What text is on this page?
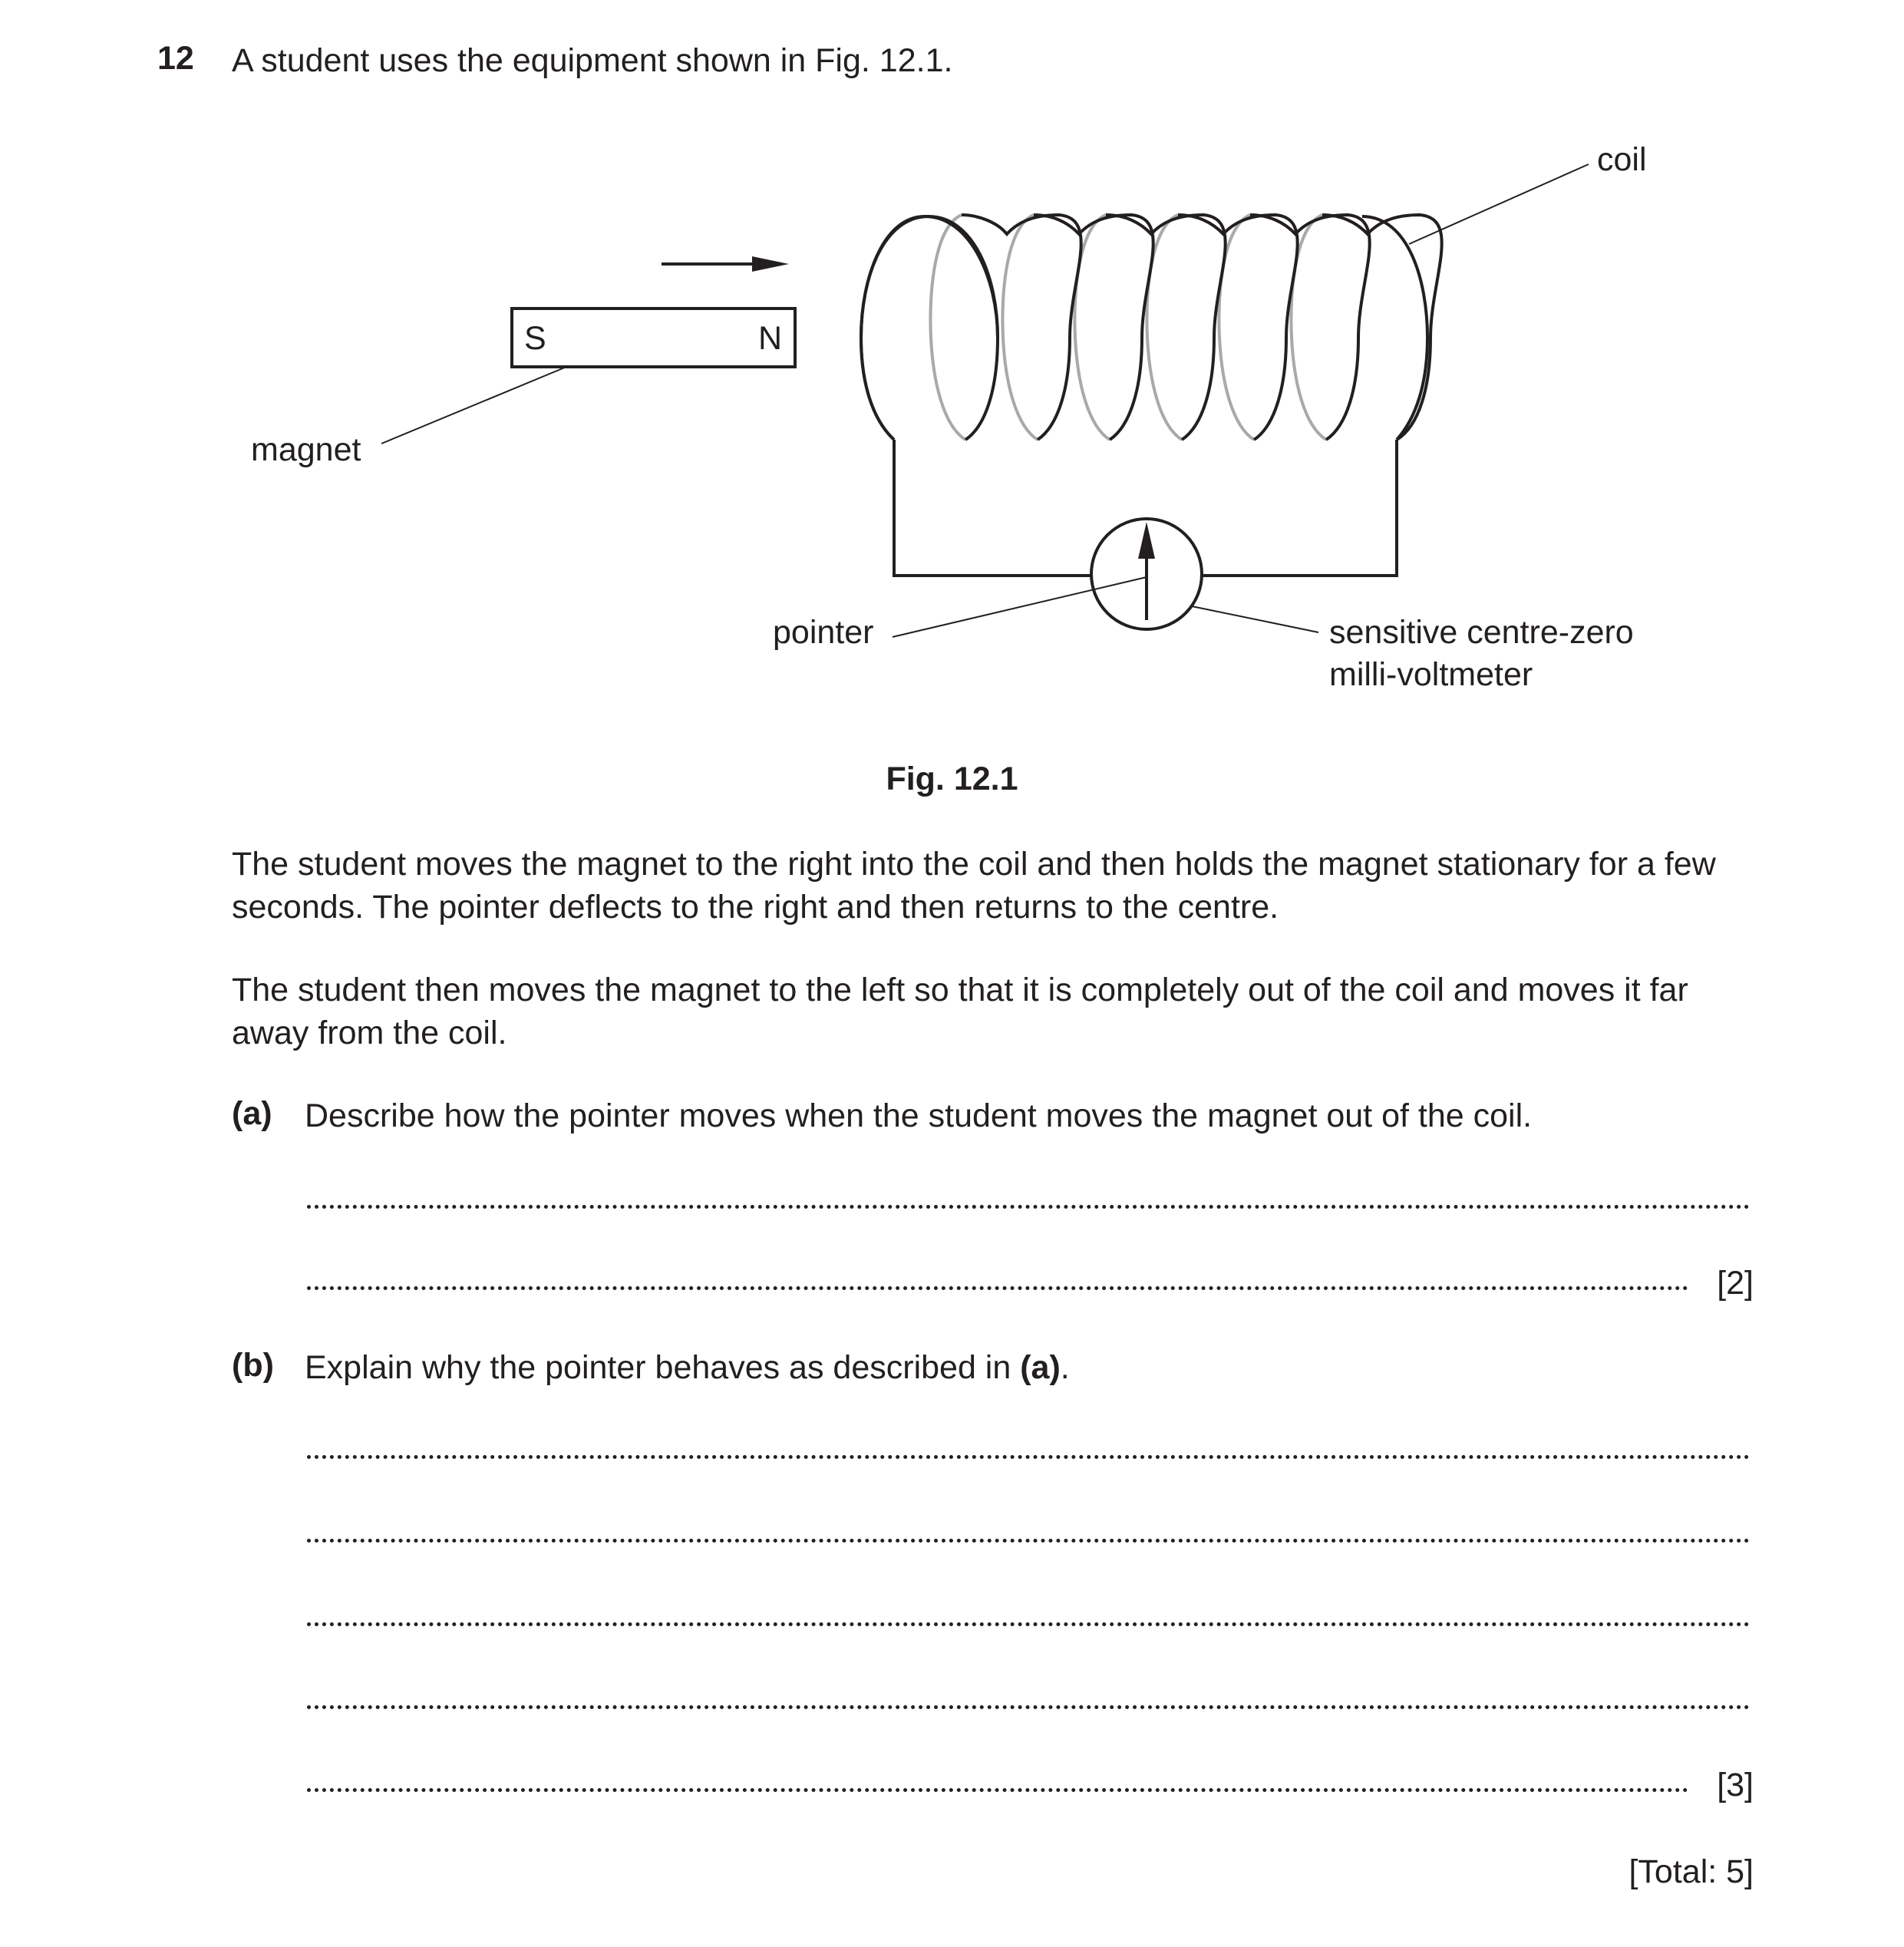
12 A student uses the equipment shown in Fig. 12.1.
S	N
magnet
coil
pointer	sensitive centre-zero
milli-voltmeter
Fig. 12.1
The student moves the magnet to the right into the coil and then holds the magnet stationary for a few seconds. The pointer deflects to the right and then returns to the centre.
The student then moves the magnet to the left so that it is completely out of the coil and moves it far away from the coil.
(a) Describe how the pointer moves when the student moves the magnet out of the coil.
[2]
(b) Explain why the pointer behaves as described in (a).
[3]
[Total: 5]
